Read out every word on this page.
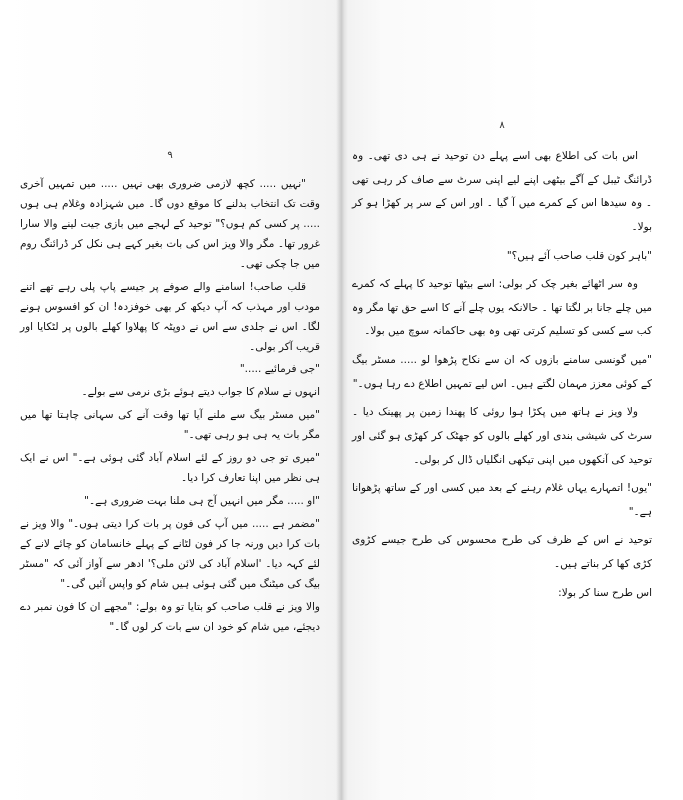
۸

اس بات کی اطلاع بھی اسے پہلے دن توحید نے ہی دی تھی۔ وہ ڈرائنگ ٹیبل کے آگے بیٹھی اپنے لیے اپنی سرٹ سے صاف کر رہی تھی ۔ وہ سیدھا اس کے کمرے میں آ گیا ۔ اور اس کے سر پر کھڑا ہو کر بولا۔

"باہر کون قلب صاحب آئے ہیں؟"

وہ سر اٹھائے بغیر چک کر بولی: اسے بیٹھا توحید کا پہلے کہ کمرے میں چلے جانا بر لگتا تھا ۔ حالانکہ یوں چلے آنے کا اسے حق تھا مگر وہ کب سے کسی کو تسلیم کرتی تھی وہ بھی حاکمانہ سوچ میں بولا۔

"میں گونسی سامنے بازوں کہ ان سے نکاح پڑھوا لو ..... مسٹر بیگ کے کوئی معزز مہمان لگتے ہیں۔ اس لیے تمہیں اطلاع دے رہا ہوں۔"

ولا ویز نے ہاتھ میں پکڑا ہوا روئی کا پھندا زمین پر پھینک دیا ۔ سرٹ کی شیشی بندی اور کھلے بالوں کو جھٹک کر کھڑی ہو گئی اور توحید کی آنکھوں میں اپنی تیکھی انگلیاں ڈال کر بولی۔

"یوں! اتمہارے یہاں غلام رہنے کے بعد میں کسی اور کے ساتھ پڑھوانا ہے۔"

توحید نے اس کے ظرف کی طرح محسوس کی طرح جیسے کڑوی کڑی کھا کر بناتے ہیں۔

اس طرح سنا کر بولا:

۹

"نہیں ..... کچھ لازمی ضروری بھی نہیں ..... میں تمہیں آخری وقت تک انتخاب بدلنے کا موقع دوں گا۔ میں شہزادہ وغلام ہی ہوں ..... پر کسی کم ہوں؟" توحید کے لہجے میں بازی جیت لینے والا سارا غرور تھا۔ مگر والا ویز اس کی بات بغیر کہے ہی نکل کر ڈرائنگ روم میں جا چکی تھی۔

قلب صاحب! اسامنے والے صوفے پر جیسے پاپ پلی رہے تھے اتنے مودب اور مہذب کہ آپ دیکھ کر بھی خوفزدہ! ان کو افسوس ہونے لگا۔ اس نے جلدی سے اس نے دوپٹہ کا پھلاوا کھلے بالوں پر لٹکایا اور قریب آکر بولی۔

"جی فرمائیے ....."

انہوں نے سلام کا جواب دیتے ہوئے بڑی نرمی سے بولے۔

"میں مسٹر بیگ سے ملنے آیا تھا وقت آنے کی سہانی چاہتا تھا میں مگر بات یہ ہی ہو رہی تھی۔"

"میری تو جی دو روز کے لئے اسلام آباد گئی ہوئی ہے۔" اس نے ایک ہی نظر میں اپنا تعارف کرا دیا۔

"او ..... مگر میں انہیں آج ہی ملنا بہت ضروری ہے۔"

"مضمر ہے ..... میں آپ کی فون پر بات کرا دیتی ہوں۔" والا ویز نے بات کرا دیں ورنہ جا کر فون لٹانے کے پہلے خانسامان کو چائے لانے کے لئے کہہ دیا۔ 'اسلام آباد کی لائن ملی؟' ادھر سے آواز آئی کہ "مسٹر بیگ کی میٹنگ میں گئی ہوئی ہیں شام کو واپس آئیں گی۔"

والا ویز نے قلب صاحب کو بتایا تو وہ بولے: "مجھے ان کا فون نمبر دے دیجئے، میں شام کو خود ان سے بات کر لوں گا۔"
